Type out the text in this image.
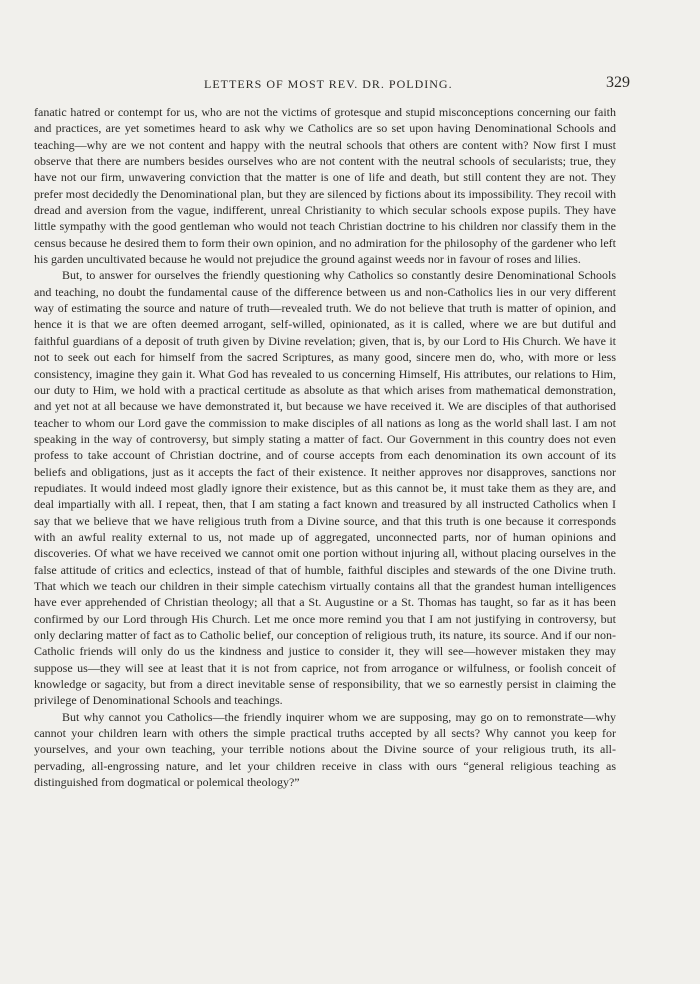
LETTERS OF MOST REV. DR. POLDING.	329

fanatic hatred or contempt for us, who are not the victims of grotesque and stupid misconceptions concerning our faith and practices, are yet sometimes heard to ask why we Catholics are so set upon having Denominational Schools and teaching—why are we not content and happy with the neutral schools that others are content with? Now first I must observe that there are numbers besides ourselves who are not content with the neutral schools of secularists; true, they have not our firm, unwavering conviction that the matter is one of life and death, but still content they are not. They prefer most decidedly the Denominational plan, but they are silenced by fictions about its impossibility. They recoil with dread and aversion from the vague, indifferent, unreal Christianity to which secular schools expose pupils. They have little sympathy with the good gentleman who would not teach Christian doctrine to his children nor classify them in the census because he desired them to form their own opinion, and no admiration for the philosophy of the gardener who left his garden uncultivated because he would not prejudice the ground against weeds nor in favour of roses and lilies.

But, to answer for ourselves the friendly questioning why Catholics so constantly desire Denominational Schools and teaching, no doubt the fundamental cause of the difference between us and non-Catholics lies in our very different way of estimating the source and nature of truth—revealed truth. We do not believe that truth is matter of opinion, and hence it is that we are often deemed arrogant, self-willed, opinionated, as it is called, where we are but dutiful and faithful guardians of a deposit of truth given by Divine revelation; given, that is, by our Lord to His Church. We have it not to seek out each for himself from the sacred Scriptures, as many good, sincere men do, who, with more or less consistency, imagine they gain it. What God has revealed to us concerning Himself, His attributes, our relations to Him, our duty to Him, we hold with a practical certitude as absolute as that which arises from mathematical demonstration, and yet not at all because we have demonstrated it, but because we have received it. We are disciples of that authorised teacher to whom our Lord gave the commission to make disciples of all nations as long as the world shall last. I am not speaking in the way of controversy, but simply stating a matter of fact. Our Government in this country does not even profess to take account of Christian doctrine, and of course accepts from each denomination its own account of its beliefs and obligations, just as it accepts the fact of their existence. It neither approves nor disapproves, sanctions nor repudiates. It would indeed most gladly ignore their existence, but as this cannot be, it must take them as they are, and deal impartially with all. I repeat, then, that I am stating a fact known and treasured by all instructed Catholics when I say that we believe that we have religious truth from a Divine source, and that this truth is one because it corresponds with an awful reality external to us, not made up of aggregated, unconnected parts, nor of human opinions and discoveries. Of what we have received we cannot omit one portion without injuring all, without placing ourselves in the false attitude of critics and eclectics, instead of that of humble, faithful disciples and stewards of the one Divine truth. That which we teach our children in their simple catechism virtually contains all that the grandest human intelligences have ever apprehended of Christian theology; all that a St. Augustine or a St. Thomas has taught, so far as it has been confirmed by our Lord through His Church. Let me once more remind you that I am not justifying in controversy, but only declaring matter of fact as to Catholic belief, our conception of religious truth, its nature, its source. And if our non-Catholic friends will only do us the kindness and justice to consider it, they will see—however mistaken they may suppose us—they will see at least that it is not from caprice, not from arrogance or wilfulness, or foolish conceit of knowledge or sagacity, but from a direct inevitable sense of responsibility, that we so earnestly persist in claiming the privilege of Denominational Schools and teachings.

But why cannot you Catholics—the friendly inquirer whom we are supposing, may go on to remonstrate—why cannot your children learn with others the simple practical truths accepted by all sects? Why cannot you keep for yourselves, and your own teaching, your terrible notions about the Divine source of your religious truth, its all-pervading, all-engrossing nature, and let your children receive in class with ours “general religious teaching as distinguished from dogmatical or polemical theology?”
